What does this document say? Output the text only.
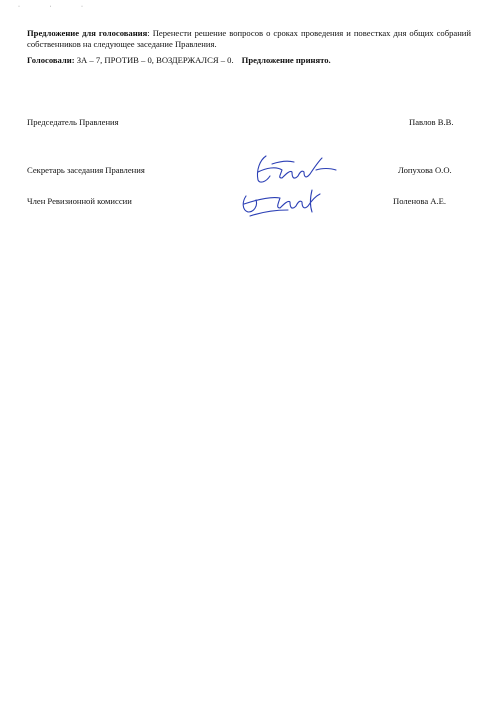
· · ·
Предложение для голосования: Перенести решение вопросов о сроках проведения и повестках дня общих собраний собственников на следующее заседание Правления.
Голосовали: ЗА – 7, ПРОТИВ – 0, ВОЗДЕРЖАЛСЯ – 0. Предложение принято.
Председатель Правления	Павлов В.В.
Секретарь заседания Правления	Лопухова О.О.
Член Ревизионной комиссии	Поленова А.Е.
